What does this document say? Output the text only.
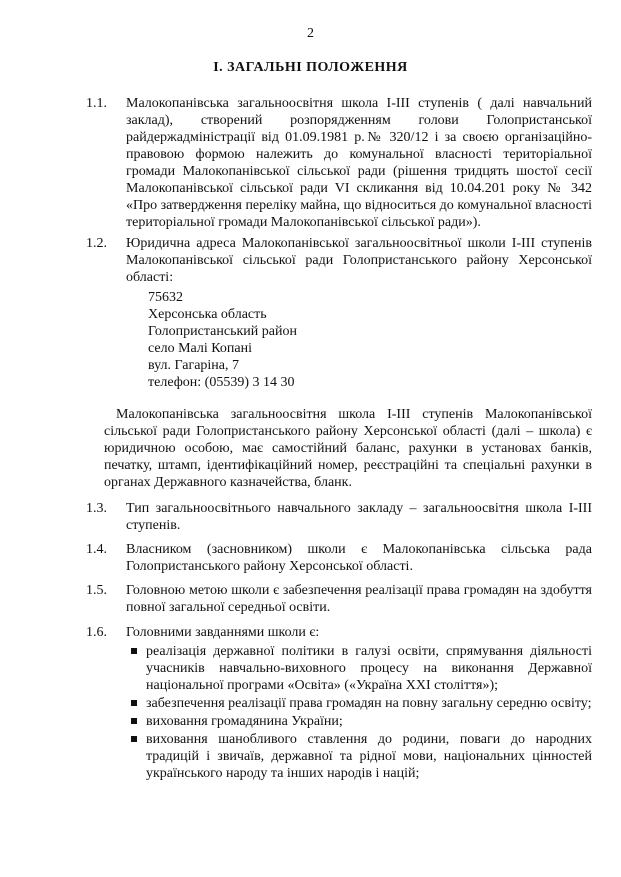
2
I. ЗАГАЛЬНІ ПОЛОЖЕННЯ
1.1.	Малокопанівська загальноосвітня школа І-ІІІ ступенів ( далі навчальний заклад), створений розпорядженням голови Голопристанської райдержадміністрації від 01.09.1981 р.№ 320/12 і за своєю організаційно-правовою формою належить до комунальної власності територіальної громади Малокопанівської сільської ради (рішення тридцять шостої сесії Малокопанівської сільської ради VI скликання від 10.04.201 року № 342 «Про затвердження переліку майна, що відноситься до комунальної власності територіальної громади Малокопанівської сільської ради»).
1.2.	Юридична адреса Малокопанівської загальноосвітньої школи І-ІІІ ступенів Малокопанівської сільської ради Голопристанського району Херсонської області:
75632
Херсонська область
Голопристанський район
село Малі Копані
вул. Гагаріна, 7
телефон: (05539) 3 14 30

Малокопанівська загальноосвітня школа І-ІІІ ступенів Малокопанівської сільської ради Голопристанського району Херсонської області (далі – школа) є юридичною особою, має самостійний баланс, рахунки в установах банків, печатку, штамп, ідентифікаційний номер, реєстраційні та спеціальні рахунки в органах Державного казначейства, бланк.

1.3.	Тип загальноосвітнього навчального закладу – загальноосвітня школа І-ІІІ ступенів.
1.4.	Власником (засновником) школи є Малокопанівська сільська рада Голопристанського району Херсонської області.
1.5.	Головною метою школи є забезпечення реалізації права громадян на здобуття повної загальної середньої освіти.
1.6.	Головними завданнями школи є:
реалізація державної політики в галузі освіти, спрямування діяльності учасників навчально-виховного процесу на виконання Державної національної програми «Освіта» («Україна XXI століття»);
забезпечення реалізації права громадян на повну загальну середню освіту;
виховання громадянина України;
виховання шанобливого ставлення до родини, поваги до народних традицій і звичаїв, державної та рідної мови, національних цінностей українського народу та інших народів і націй;
